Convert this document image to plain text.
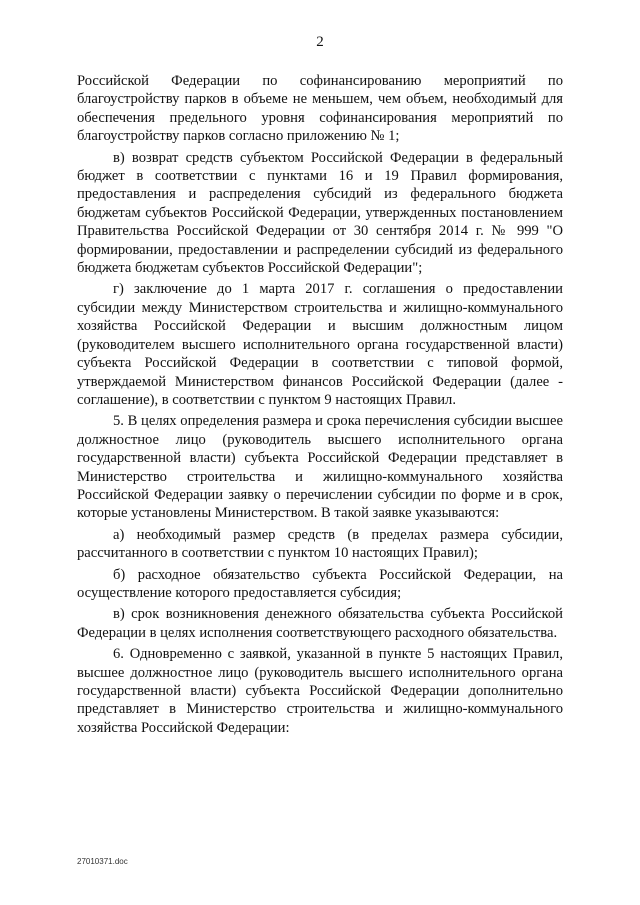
2

Российской Федерации по софинансированию мероприятий по благоустройству парков в объеме не меньшем, чем объем, необходимый для обеспечения предельного уровня софинансирования мероприятий по благоустройству парков согласно приложению № 1;

в) возврат средств субъектом Российской Федерации в федеральный бюджет в соответствии с пунктами 16 и 19 Правил формирования, предоставления и распределения субсидий из федерального бюджета бюджетам субъектов Российской Федерации, утвержденных постановлением Правительства Российской Федерации от 30 сентября 2014 г. № 999 "О формировании, предоставлении и распределении субсидий из федерального бюджета бюджетам субъектов Российской Федерации";

г) заключение до 1 марта 2017 г. соглашения о предоставлении субсидии между Министерством строительства и жилищно-коммунального хозяйства Российской Федерации и высшим должностным лицом (руководителем высшего исполнительного органа государственной власти) субъекта Российской Федерации в соответствии с типовой формой, утверждаемой Министерством финансов Российской Федерации (далее - соглашение), в соответствии с пунктом 9 настоящих Правил.

5. В целях определения размера и срока перечисления субсидии высшее должностное лицо (руководитель высшего исполнительного органа государственной власти) субъекта Российской Федерации представляет в Министерство строительства и жилищно-коммунального хозяйства Российской Федерации заявку о перечислении субсидии по форме и в срок, которые установлены Министерством. В такой заявке указываются:

а) необходимый размер средств (в пределах размера субсидии, рассчитанного в соответствии с пунктом 10 настоящих Правил);

б) расходное обязательство субъекта Российской Федерации, на осуществление которого предоставляется субсидия;

в) срок возникновения денежного обязательства субъекта Российской Федерации в целях исполнения соответствующего расходного обязательства.

6. Одновременно с заявкой, указанной в пункте 5 настоящих Правил, высшее должностное лицо (руководитель высшего исполнительного органа государственной власти) субъекта Российской Федерации дополнительно представляет в Министерство строительства и жилищно-коммунального хозяйства Российской Федерации:

27010371.doc
